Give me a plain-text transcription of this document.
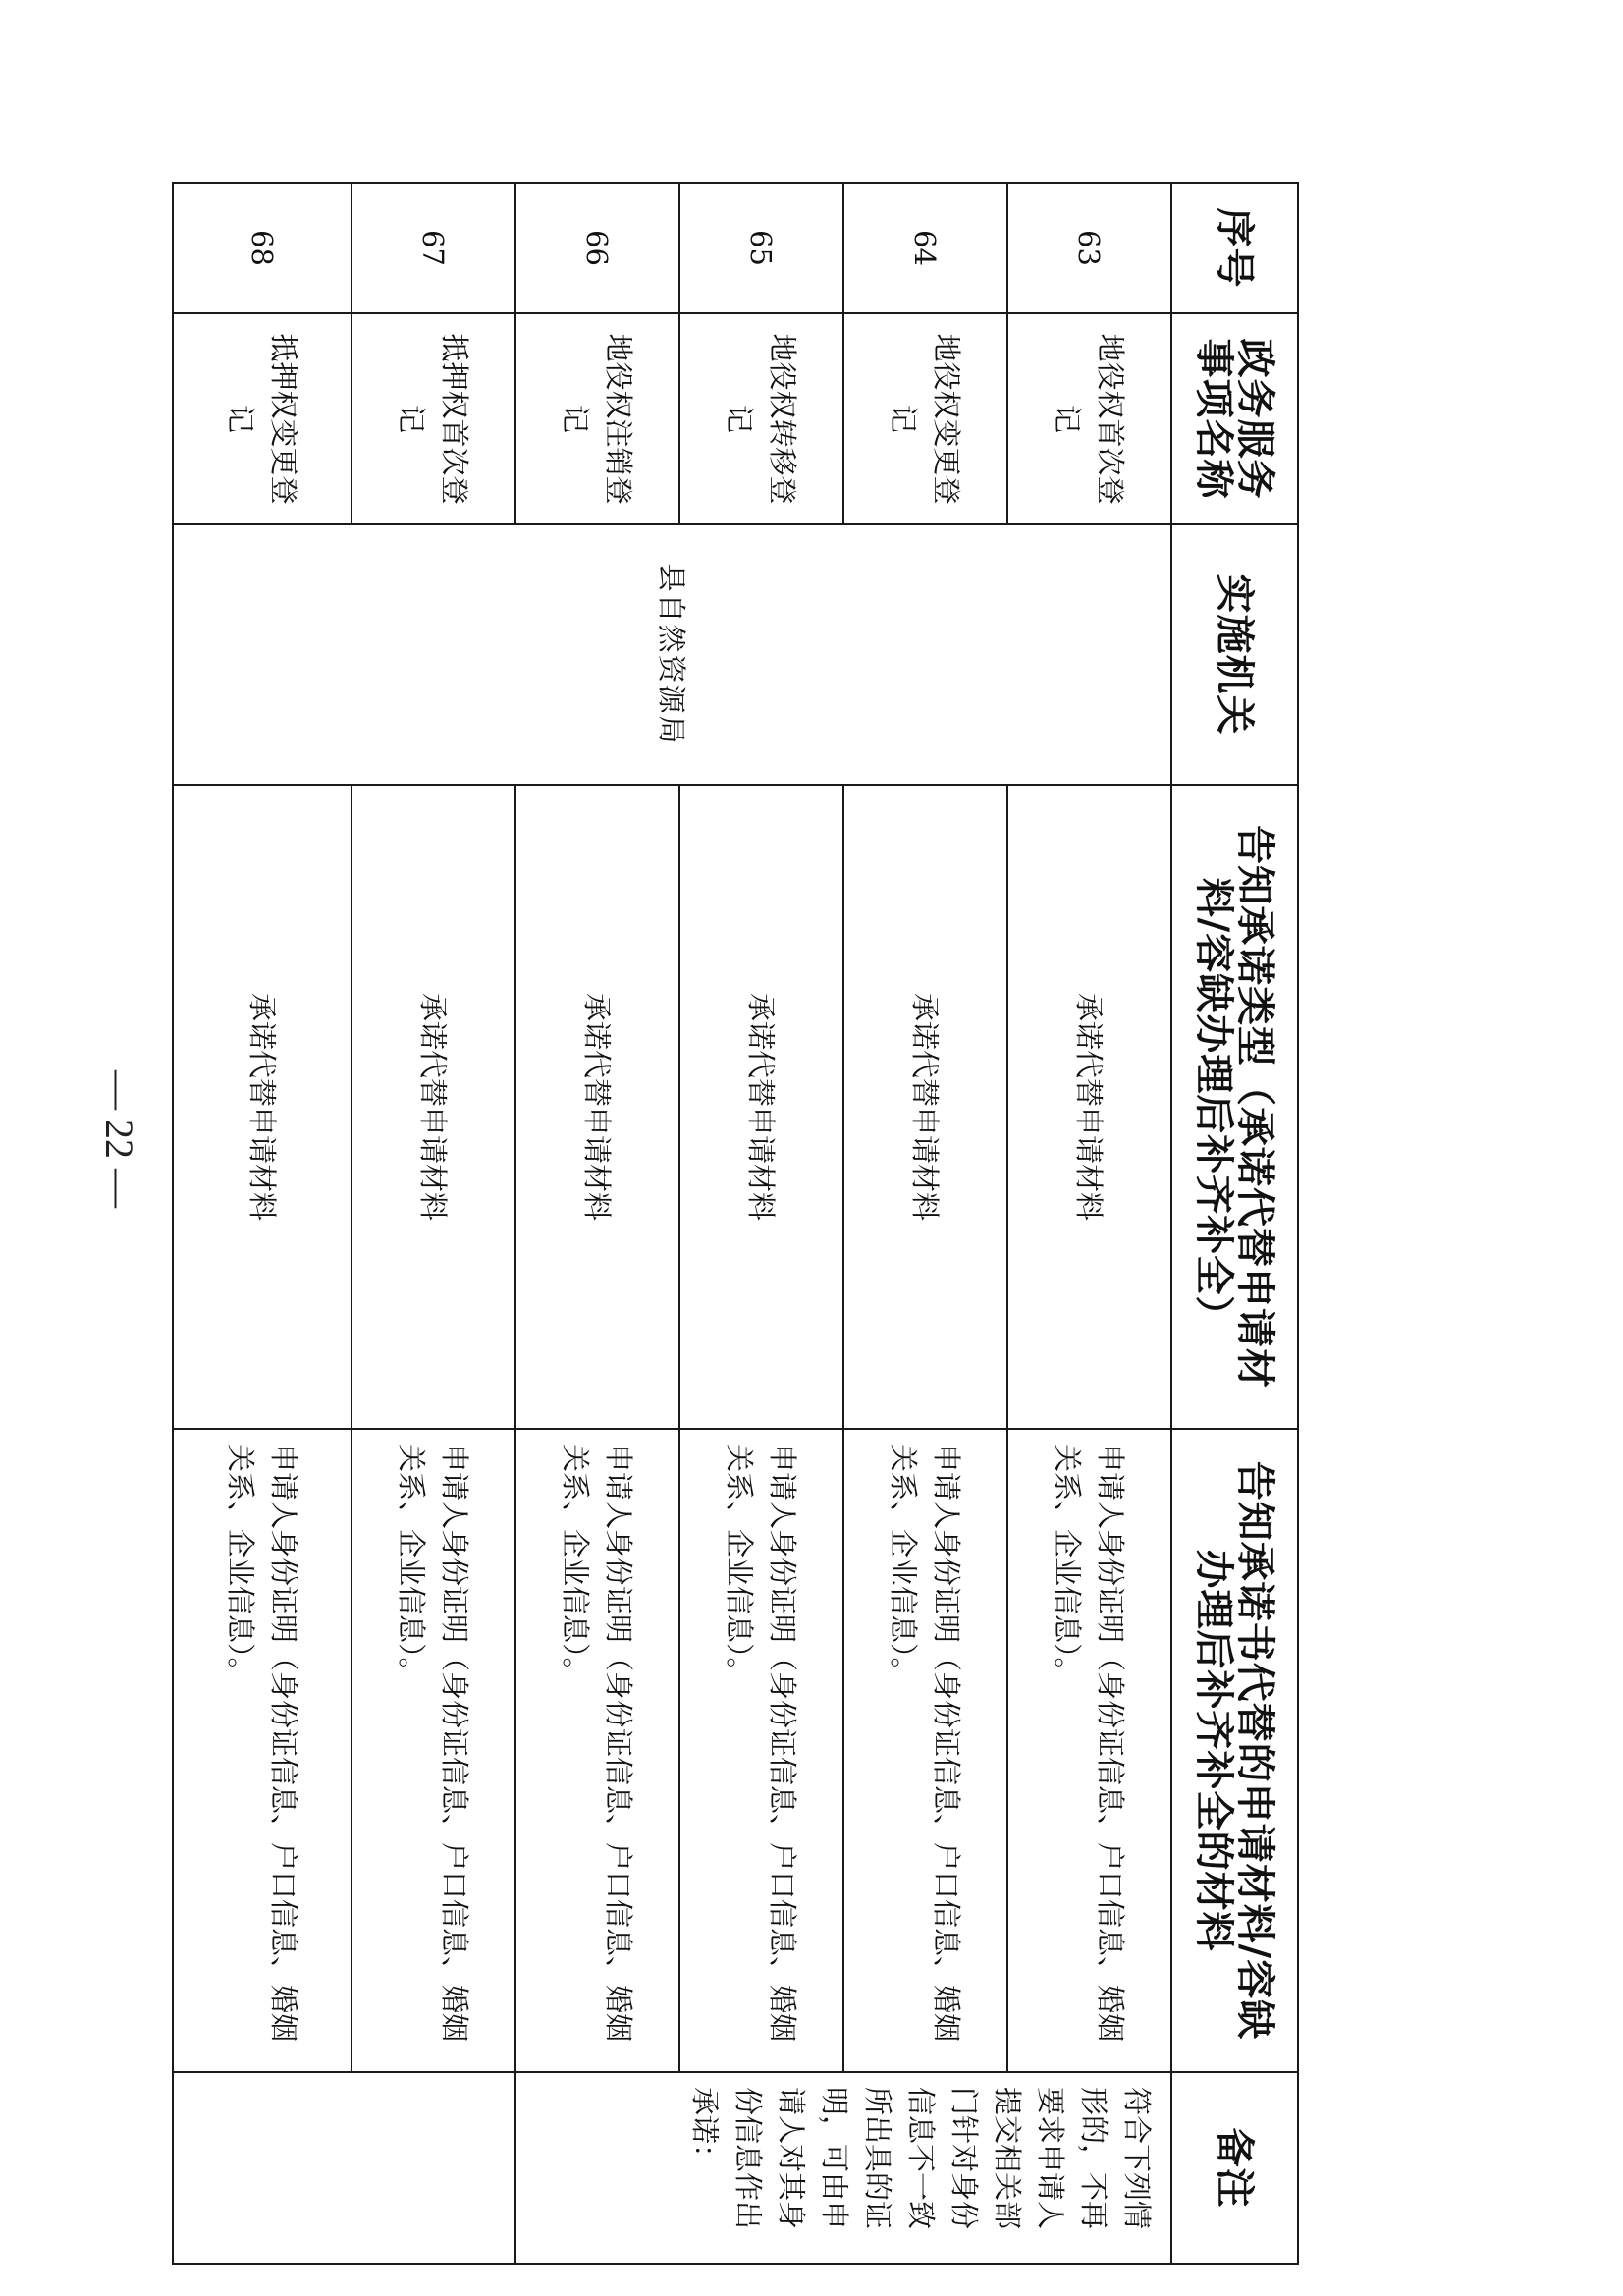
序号	政务服务事项名称	实施机关	告知承诺类型（承诺代替申请材料/容缺办理后补齐补全）	告知承诺书代替的申请材料/容缺办理后补齐补全的材料	备注
63	地役权首次登记	县自然资源局	承诺代替申请材料	申请人身份证明（身份证信息、户口信息、婚姻关系、企业信息）。	符合下列情形的，不再要求申请人提交相关部门针对身份信息不一致所出具的证明，可由申请人对其身份信息作出承诺：
64	地役权变更登记		承诺代替申请材料	申请人身份证明（身份证信息、户口信息、婚姻关系、企业信息）。	
65	地役权转移登记		承诺代替申请材料	申请人身份证明（身份证信息、户口信息、婚姻关系、企业信息）。	
66	地役权注销登记		承诺代替申请材料	申请人身份证明（身份证信息、户口信息、婚姻关系、企业信息）。	
67	抵押权首次登记		承诺代替申请材料	申请人身份证明（身份证信息、户口信息、婚姻关系、企业信息）。	
68	抵押权变更登记		承诺代替申请材料	申请人身份证明（身份证信息、户口信息、婚姻关系、企业信息）。	
— 22 —
